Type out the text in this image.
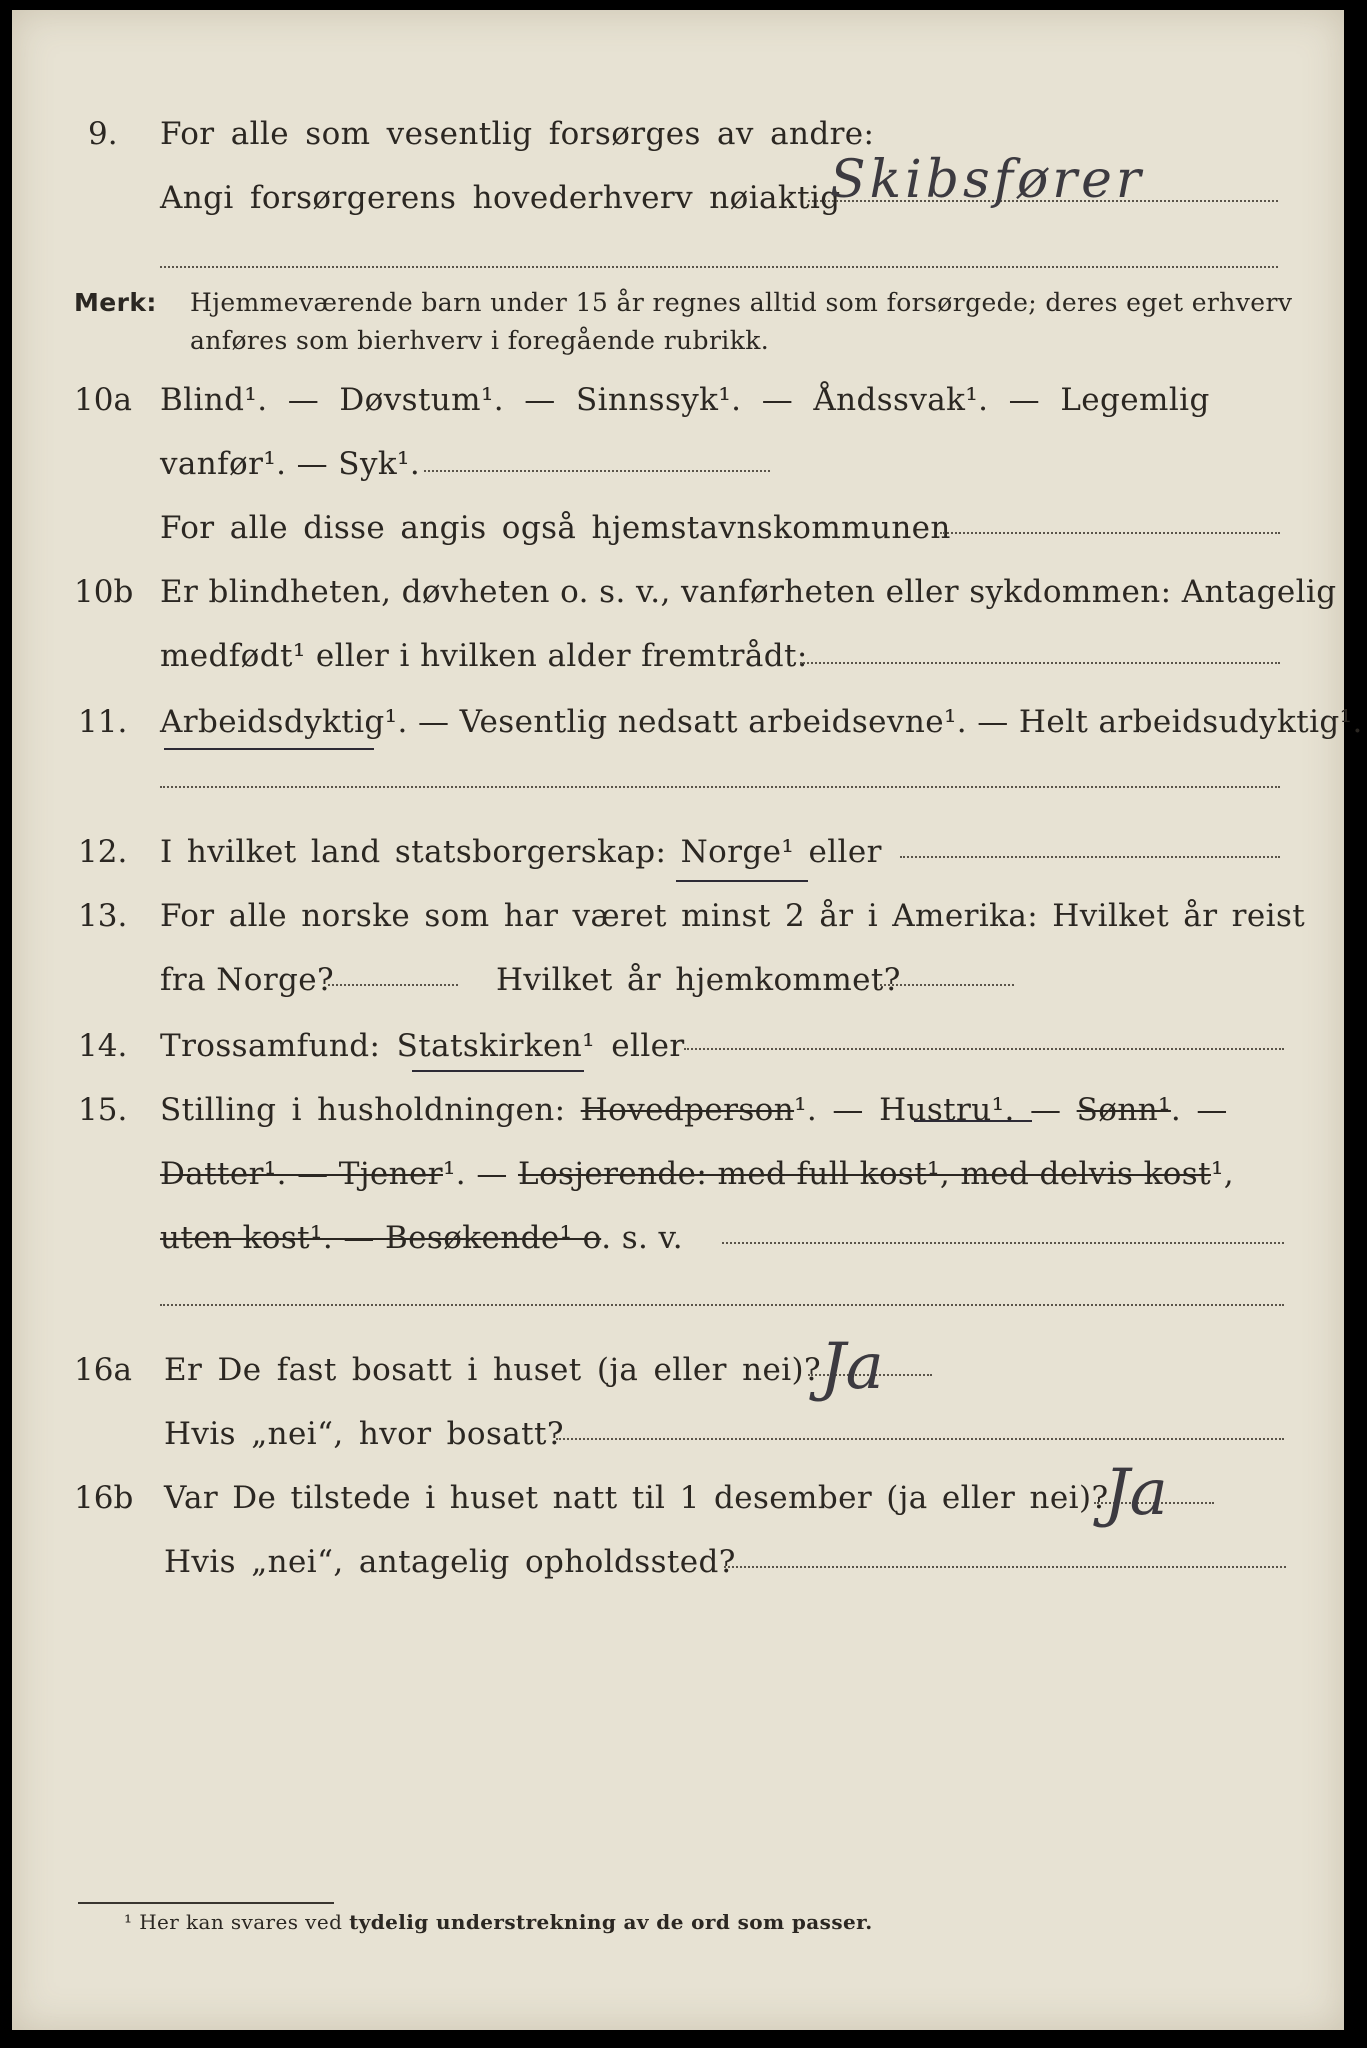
9. For alle som vesentlig forsørges av andre:
Angi forsørgerens hovederhverv nøiaktig
Skibsfører
Merk: Hjemmeværende barn under 15 år regnes alltid som forsørgede; deres eget erhverv
anføres som bierhverv i foregående rubrikk.
10a Blind¹. — Døvstum¹. — Sinnssyk¹. — Åndssvak¹. — Legemlig
vanfør¹. — Syk¹.
For alle disse angis også hjemstavnskommunen
10b Er blindheten, døvheten o. s. v., vanførheten eller sykdommen: Antagelig
medfødt¹ eller i hvilken alder fremtrådt:
11. Arbeidsdyktig¹. — Vesentlig nedsatt arbeidsevne¹. — Helt arbeidsudyktig¹.
12. I hvilket land statsborgerskap: Norge¹ eller
13. For alle norske som har været minst 2 år i Amerika: Hvilket år reist
fra Norge?	Hvilket år hjemkommet?
14. Trossamfund: Statskirken¹ eller
15. Stilling i husholdningen: Hovedperson¹. — Hustru¹. — Sønn¹. —
Datter¹. — Tjener¹. — Losjerende: med full kost¹, med delvis kost¹,
uten kost¹. — Besøkende¹ o. s. v.
16a Er De fast bosatt i huset (ja eller nei)?
Ja
Hvis „nei“, hvor bosatt?
16b Var De tilstede i huset natt til 1 desember (ja eller nei)?
Ja
Hvis „nei“, antagelig opholdssted?
¹ Her kan svares ved tydelig understrekning av de ord som passer.
